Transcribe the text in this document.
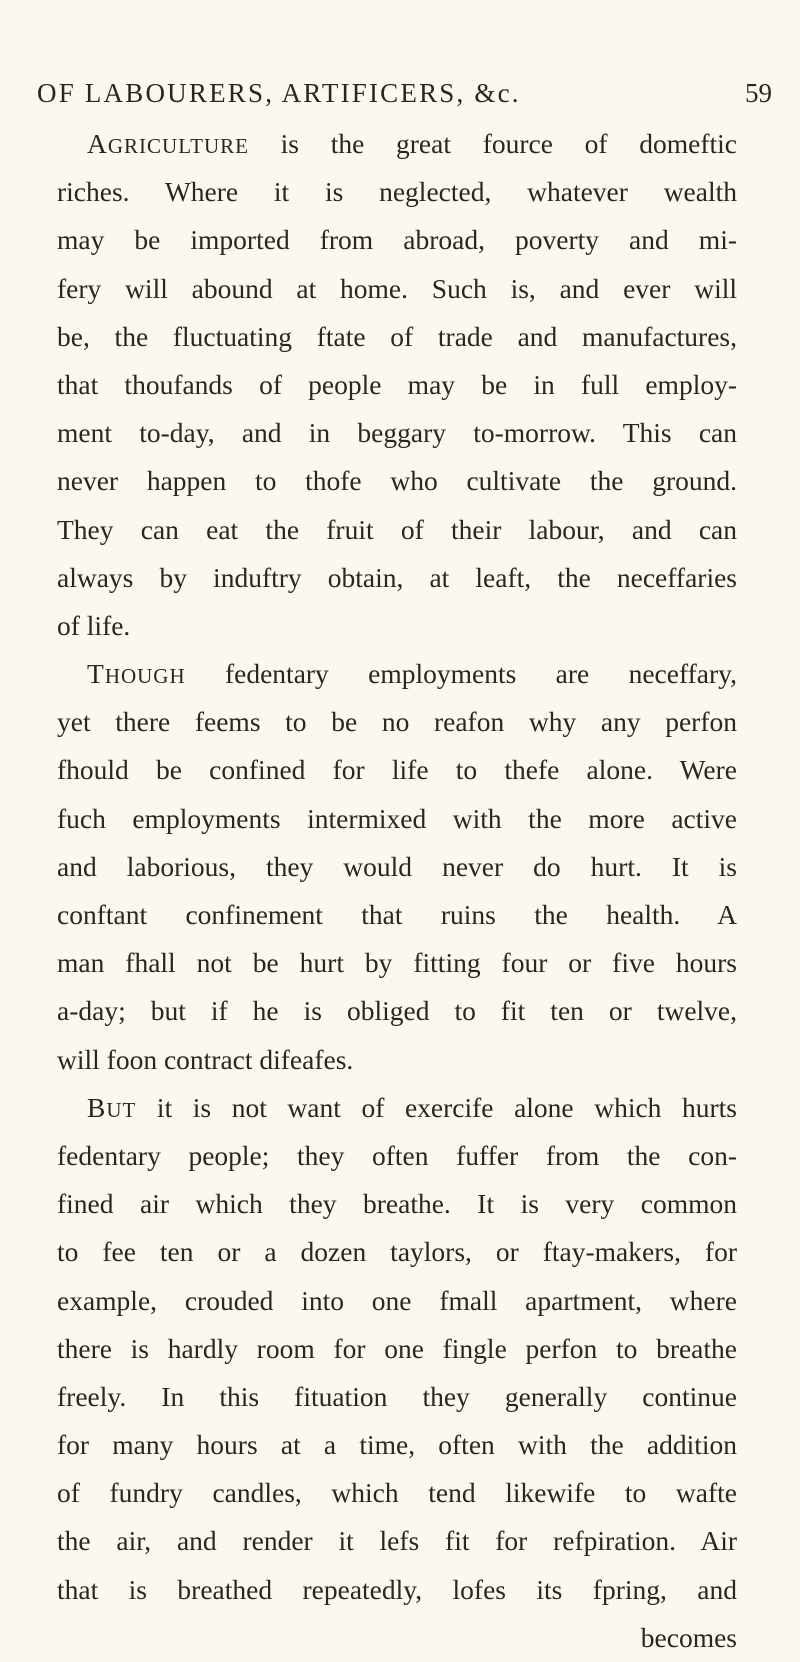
OF LABOURERS, ARTIFICERS, &c.	59
AGRICULTURE is the great fource of domeftic
riches. Where it is neglected, whatever wealth
may be imported from abroad, poverty and mi-
fery will abound at home. Such is, and ever will
be, the fluctuating ftate of trade and manufactures,
that thoufands of people may be in full employ-
ment to-day, and in beggary to-morrow. This can
never happen to thofe who cultivate the ground.
They can eat the fruit of their labour, and can
always by induftry obtain, at leaft, the neceffaries
of life.
THOUGH fedentary employments are neceffary,
yet there feems to be no reafon why any perfon
fhould be confined for life to thefe alone. Were
fuch employments intermixed with the more active
and laborious, they would never do hurt. It is
conftant confinement that ruins the health. A
man fhall not be hurt by fitting four or five hours
a-day; but if he is obliged to fit ten or twelve,
will foon contract difeafes.
BUT it is not want of exercife alone which hurts
fedentary people; they often fuffer from the con-
fined air which they breathe. It is very common
to fee ten or a dozen taylors, or ftay-makers, for
example, crouded into one fmall apartment, where
there is hardly room for one fingle perfon to breathe
freely. In this fituation they generally continue
for many hours at a time, often with the addition
of fundry candles, which tend likewife to wafte
the air, and render it lefs fit for refpiration. Air
that is breathed repeatedly, lofes its fpring, and
becomes
